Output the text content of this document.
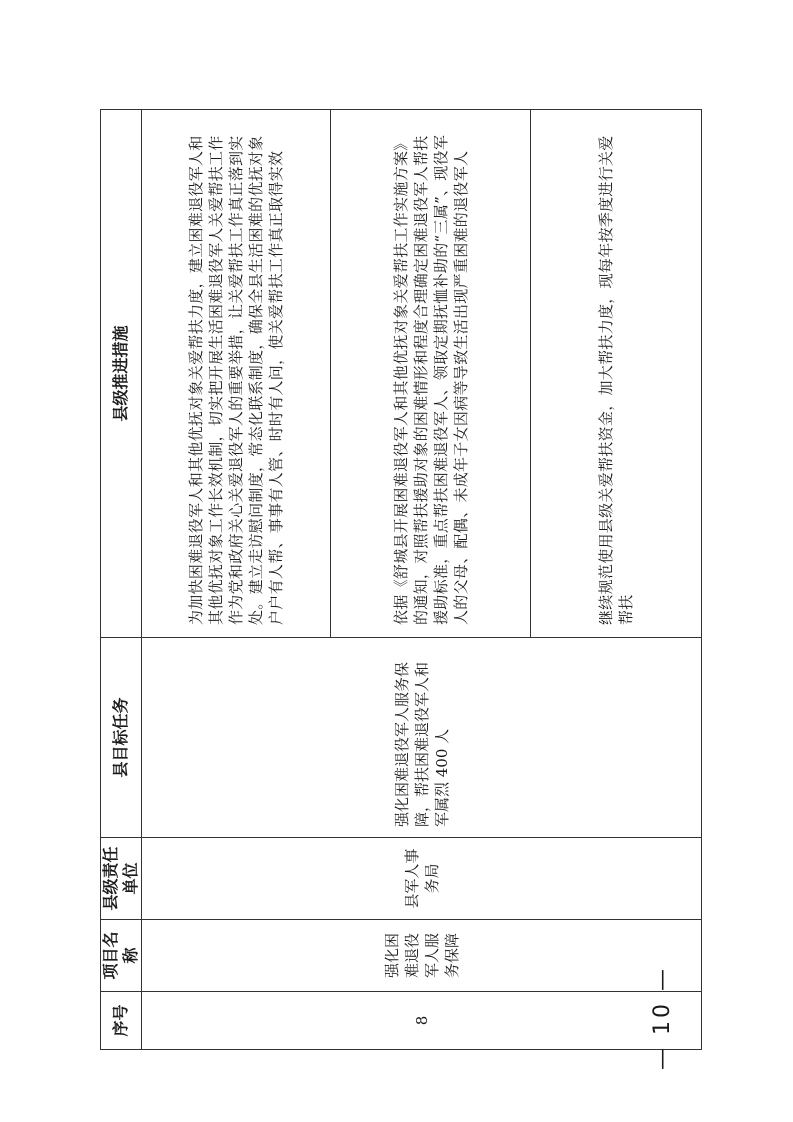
序号	项目名称	县级责任单位	县目标任务	县级推进措施
8	强化困难退役军人服务保障	县军人事务局	强化困难退役军人服务保障，帮扶困难退役军人和军属烈 400 人	为加快困难退役军人和其他优抚对象关爱帮扶力度，建立困难退役军人和其他优抚对象工作长效机制，切实把开展生活困难退役军人关爱帮扶工作作为党和政府关心关爱退役军人的重要举措，让关爱帮扶工作真正落到实处。建立走访慰问制度，常态化联系制度，确保全县生活困难的优抚对象户户有人帮、事事有人管、时时有人问，使关爱帮扶工作真正取得实效

				依据《舒城县开展困难退役军人和其他优抚对象关爱帮扶工作实施方案》的通知，对照帮扶援助对象的困难情形和程度合理确定困难退役军人帮扶援助标准，重点帮扶困难退役军人、领取定期抚恤补助的“三属”、现役军人的父母、配偶、未成年子女因病等导致生活出现严重困难的退役军人

				继续规范使用县级关爱帮扶资金，加大帮扶力度，现每年按季度进行关爱帮扶

— 10 —
